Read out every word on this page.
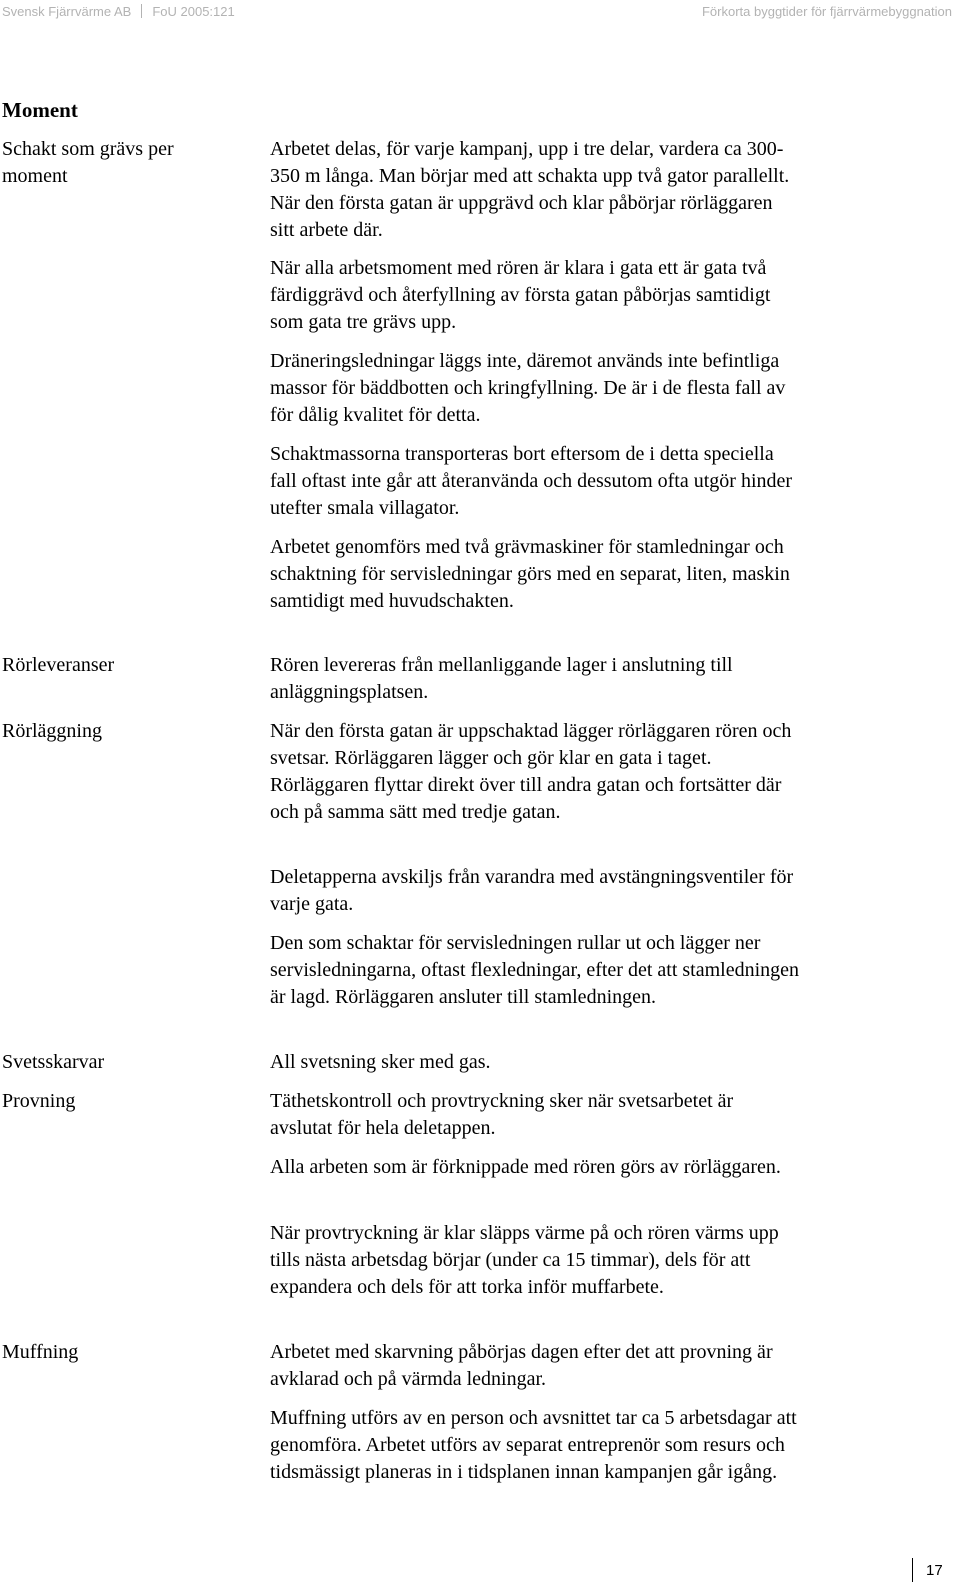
Svensk Fjärrvärme AB FoU 2005:121	Förkorta byggtider för fjärrvärmebyggnation
Moment
Schakt som grävs per moment
Rörleveranser
Rörläggning
Svetsskarvar
Provning
Muffning
Arbetet delas, för varje kampanj, upp i tre delar, vardera ca 300-350 m långa. Man börjar med att schakta upp två gator parallellt. När den första gatan är uppgrävd och klar påbörjar rörläggaren sitt arbete där.
När alla arbetsmoment med rören är klara i gata ett är gata två färdiggrävd och återfyllning av första gatan påbörjas samtidigt som gata tre grävs upp.
Dräneringsledningar läggs inte, däremot används inte befintliga massor för bäddbotten och kringfyllning. De är i de flesta fall av för dålig kvalitet för detta.
Schaktmassorna transporteras bort eftersom de i detta speciella fall oftast inte går att återanvända och dessutom ofta utgör hinder utefter smala villagator.
Arbetet genomförs med två grävmaskiner för stamledningar och schaktning för servisledningar görs med en separat, liten, maskin samtidigt med huvudschakten.
Rören levereras från mellanliggande lager i anslutning till anläggningsplatsen.
När den första gatan är uppschaktad lägger rörläggaren rören och svetsar. Rörläggaren lägger och gör klar en gata i taget. Rörläggaren flyttar direkt över till andra gatan och fortsätter där och på samma sätt med tredje gatan.
Deletapperna avskiljs från varandra med avstängningsventiler för varje gata.
Den som schaktar för servisledningen rullar ut och lägger ner servisledningarna, oftast flexledningar, efter det att stamledningen är lagd. Rörläggaren ansluter till stamledningen.
All svetsning sker med gas.
Täthetskontroll och provtryckning sker när svetsarbetet är avslutat för hela deletappen.
Alla arbeten som är förknippade med rören görs av rörläggaren.
När provtryckning är klar släpps värme på och rören värms upp tills nästa arbetsdag börjar (under ca 15 timmar), dels för att expandera och dels för att torka inför muffarbete.
Arbetet med skarvning påbörjas dagen efter det att provning är avklarad och på värmda ledningar.
Muffning utförs av en person och avsnittet tar ca 5 arbetsdagar att genomföra. Arbetet utförs av separat entreprenör som resurs och tidsmässigt planeras in i tidsplanen innan kampanjen går igång.
17
